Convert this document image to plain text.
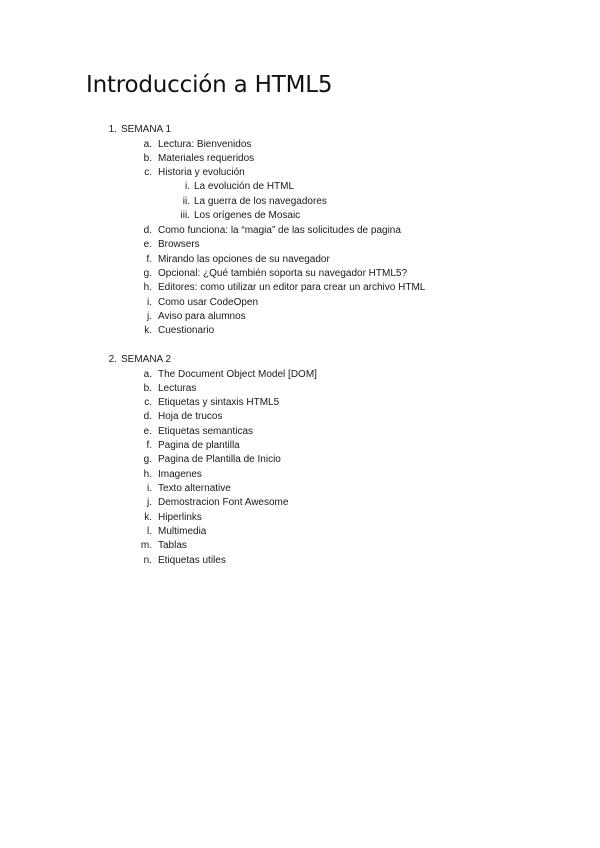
Introducción a HTML5
1. SEMANA 1
a. Lectura: Bienvenidos
b. Materiales requeridos
c. Historia y evolución
i. La evolución de HTML
ii. La guerra de los navegadores
iii. Los orígenes de Mosaic
d. Como funciona: la “magia” de las solicitudes de pagina
e. Browsers
f. Mirando las opciones de su navegador
g. Opcional: ¿Qué también soporta su navegador HTML5?
h. Editores: como utilizar un editor para crear un archivo HTML
i. Como usar CodeOpen
j. Aviso para alumnos
k. Cuestionario
2. SEMANA 2
a. The Document Object Model [DOM]
b. Lecturas
c. Etiquetas y sintaxis HTML5
d. Hoja de trucos
e. Etiquetas semanticas
f. Pagina de plantilla
g. Pagina de Plantilla de Inicio
h. Imagenes
i. Texto alternative
j. Demostracion Font Awesome
k. Hiperlinks
l. Multimedia
m. Tablas
n. Etiquetas utiles
